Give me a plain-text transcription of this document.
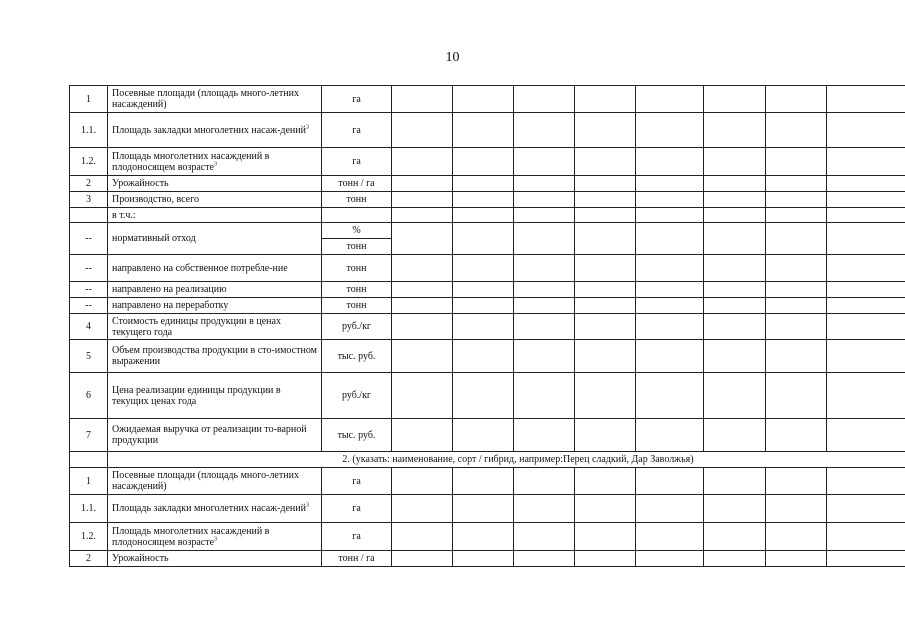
10
1	Посевные площади (площадь много-летних насаждений)	га								
1.1.	Площадь закладки многолетних насаж-дений$^3$	га								
1.2.	Площадь многолетних насаждений в плодоносящем возрасте$^3$	га								
2	Урожайность	тонн / га								
3	Производство, всего	тонн								
	в т.ч.:									
--	нормативный отход	%								
		тонн								
--	направлено на собственное потребле-ние	тонн								
--	направлено на реализацию	тонн								
--	направлено на переработку	тонн								
4	Стоимость единицы продукции в ценах текущего года	руб./кг								
5	Объем производства продукции в сто-имостном выражении	тыс. руб.								
6	Цена реализации единицы продукции в текущих ценах года	руб./кг								
7	Ожидаемая выручка от реализации то-варной продукции	тыс. руб.								
	2. (указать: наименование, сорт / гибрид, например:Перец сладкий, Дар Заволжья)									
1	Посевные площади (площадь много-летних насаждений)	га								
1.1.	Площадь закладки многолетних насаж-дений$^3$	га								
1.2.	Площадь многолетних насаждений в плодоносящем возрасте$^3$	га								
2	Урожайность	тонн / га								
